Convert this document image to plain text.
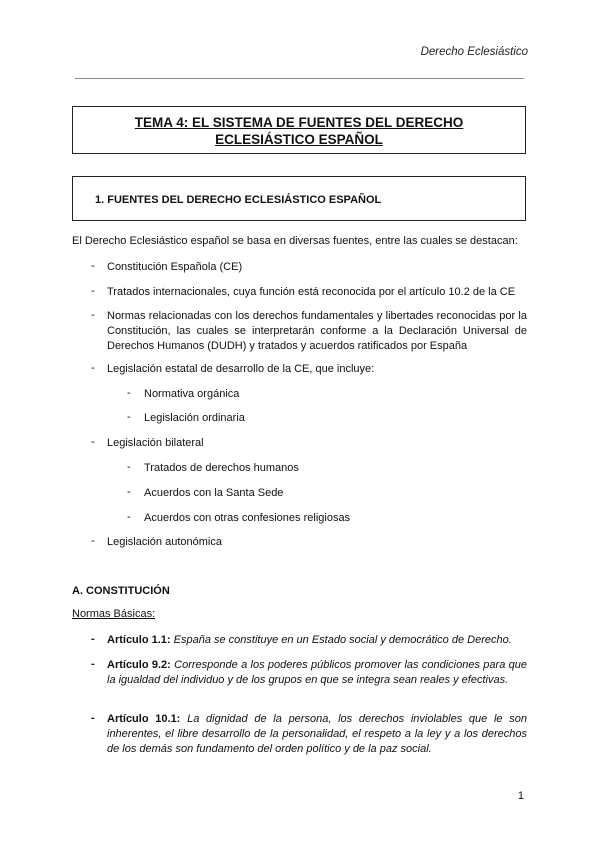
Derecho Eclesiástico
TEMA 4: EL SISTEMA DE FUENTES DEL DERECHO
ECLESIÁSTICO ESPAÑOL
1. FUENTES DEL DERECHO ECLESIÁSTICO ESPAÑOL
El Derecho Eclesiástico español se basa en diversas fuentes, entre las cuales se destacan:
- Constitución Española (CE)
- Tratados internacionales, cuya función está reconocida por el artículo 10.2 de la CE
- Normas relacionadas con los derechos fundamentales y libertades reconocidas por la Constitución, las cuales se interpretarán conforme a la Declaración Universal de Derechos Humanos (DUDH) y tratados y acuerdos ratificados por España
- Legislación estatal de desarrollo de la CE, que incluye:
- Normativa orgánica
- Legislación ordinaria
- Legislación bilateral
- Tratados de derechos humanos
- Acuerdos con la Santa Sede
- Acuerdos con otras confesiones religiosas
- Legislación autonómica
A. CONSTITUCIÓN
Normas Básicas:
- Artículo 1.1: España se constituye en un Estado social y democrático de Derecho.
- Artículo 9.2: Corresponde a los poderes públicos promover las condiciones para que la igualdad del individuo y de los grupos en que se integra sean reales y efectivas.
- Artículo 10.1: La dignidad de la persona, los derechos inviolables que le son inherentes, el libre desarrollo de la personalidad, el respeto a la ley y a los derechos de los demás son fundamento del orden político y de la paz social.
1
